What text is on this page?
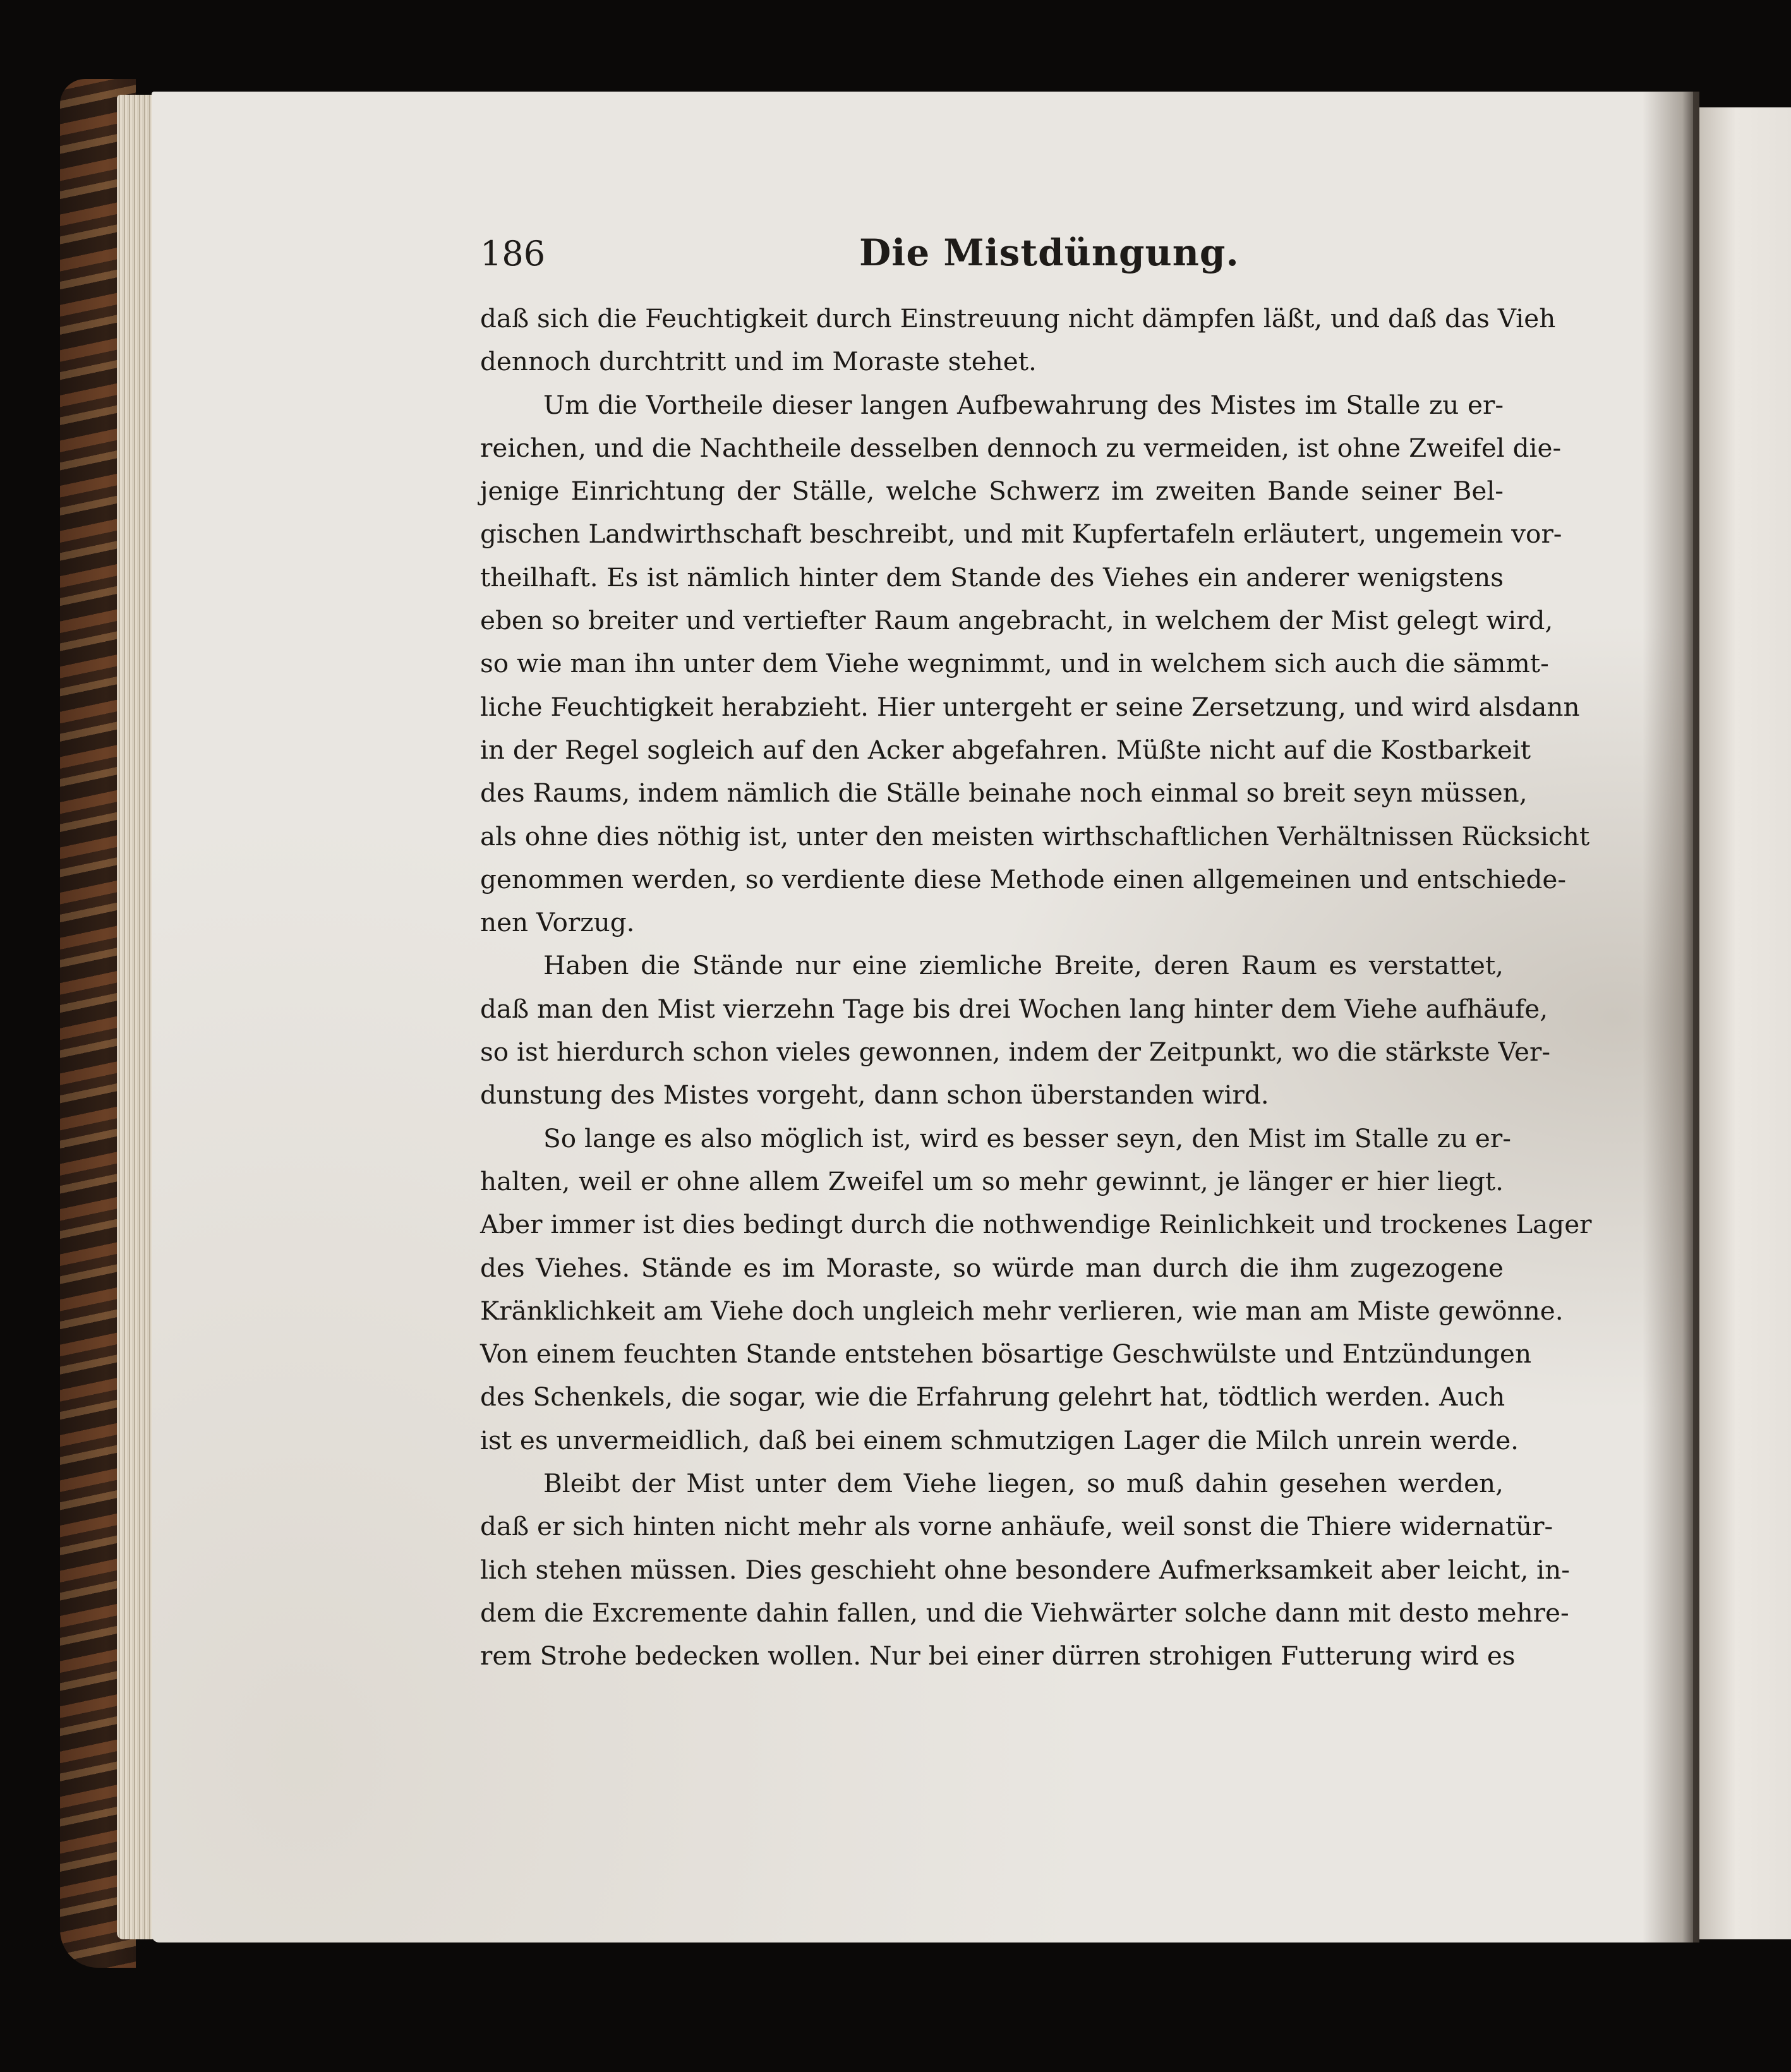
186	Die Mistdüngung.
daß sich die Feuchtigkeit durch Einstreuung nicht dämpfen läßt, und daß das Vieh
dennoch durchtritt und im Moraste stehet.
Um die Vortheile dieser langen Aufbewahrung des Mistes im Stalle zu er-
reichen, und die Nachtheile desselben dennoch zu vermeiden, ist ohne Zweifel die-
jenige Einrichtung der Ställe, welche Schwerz im zweiten Bande seiner Bel-
gischen Landwirthschaft beschreibt, und mit Kupfertafeln erläutert, ungemein vor-
theilhaft. Es ist nämlich hinter dem Stande des Viehes ein anderer wenigstens
eben so breiter und vertiefter Raum angebracht, in welchem der Mist gelegt wird,
so wie man ihn unter dem Viehe wegnimmt, und in welchem sich auch die sämmt-
liche Feuchtigkeit herabzieht. Hier untergeht er seine Zersetzung, und wird alsdann
in der Regel sogleich auf den Acker abgefahren. Müßte nicht auf die Kostbarkeit
des Raums, indem nämlich die Ställe beinahe noch einmal so breit seyn müssen,
als ohne dies nöthig ist, unter den meisten wirthschaftlichen Verhältnissen Rücksicht
genommen werden, so verdiente diese Methode einen allgemeinen und entschiede-
nen Vorzug.
Haben die Stände nur eine ziemliche Breite, deren Raum es verstattet,
daß man den Mist vierzehn Tage bis drei Wochen lang hinter dem Viehe aufhäufe,
so ist hierdurch schon vieles gewonnen, indem der Zeitpunkt, wo die stärkste Ver-
dunstung des Mistes vorgeht, dann schon überstanden wird.
So lange es also möglich ist, wird es besser seyn, den Mist im Stalle zu er-
halten, weil er ohne allem Zweifel um so mehr gewinnt, je länger er hier liegt.
Aber immer ist dies bedingt durch die nothwendige Reinlichkeit und trockenes Lager
des Viehes. Stände es im Moraste, so würde man durch die ihm zugezogene
Kränklichkeit am Viehe doch ungleich mehr verlieren, wie man am Miste gewönne.
Von einem feuchten Stande entstehen bösartige Geschwülste und Entzündungen
des Schenkels, die sogar, wie die Erfahrung gelehrt hat, tödtlich werden. Auch
ist es unvermeidlich, daß bei einem schmutzigen Lager die Milch unrein werde.
Bleibt der Mist unter dem Viehe liegen, so muß dahin gesehen werden,
daß er sich hinten nicht mehr als vorne anhäufe, weil sonst die Thiere widernatür-
lich stehen müssen. Dies geschieht ohne besondere Aufmerksamkeit aber leicht, in-
dem die Excremente dahin fallen, und die Viehwärter solche dann mit desto mehre-
rem Strohe bedecken wollen. Nur bei einer dürren strohigen Futterung wird es
